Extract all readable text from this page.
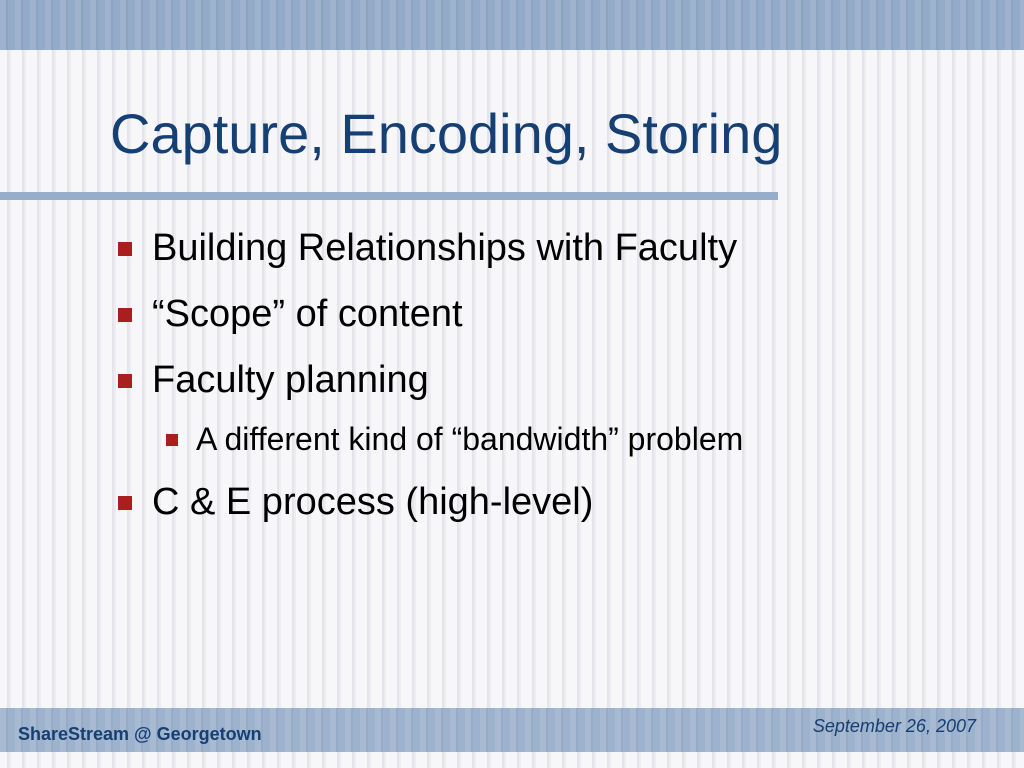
Capture, Encoding, Storing
Building Relationships with Faculty
“Scope” of content
Faculty planning
A different kind of “bandwidth” problem
C & E process (high-level)
ShareStream @ Georgetown	September 26, 2007
